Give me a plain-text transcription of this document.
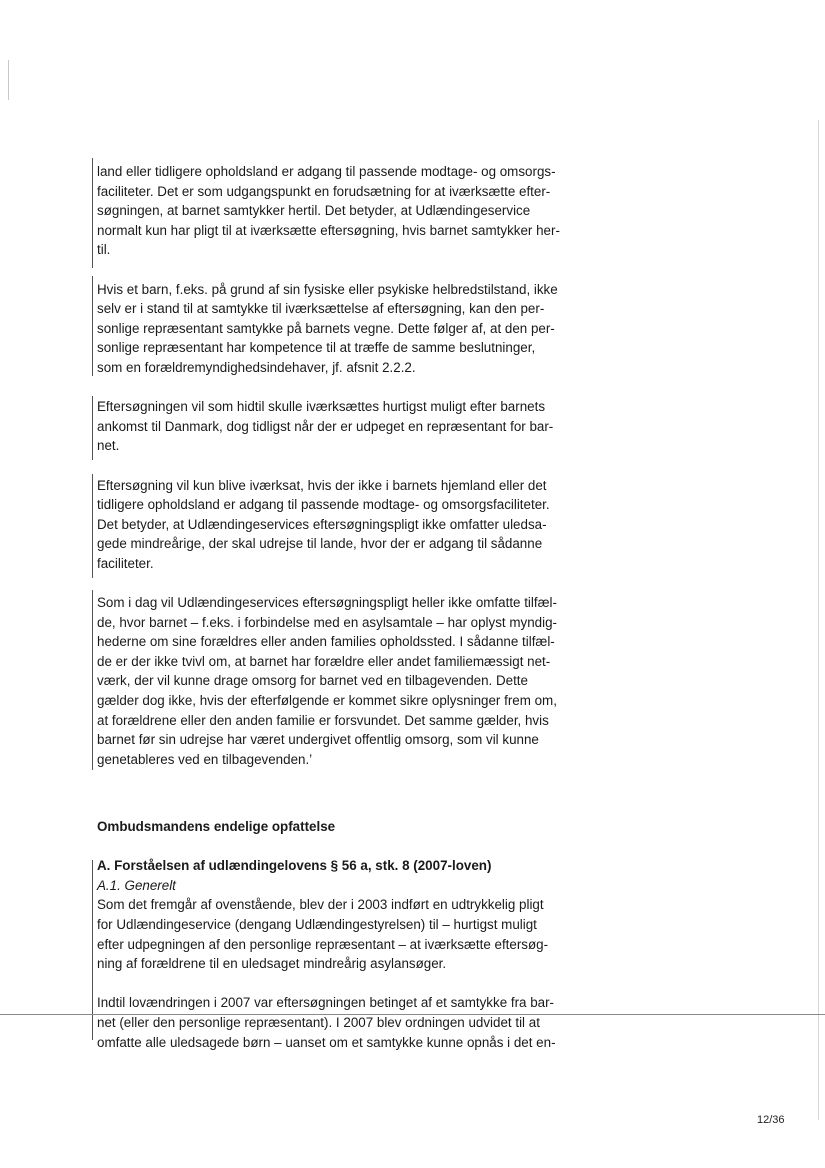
land eller tidligere opholdsland er adgang til passende modtage- og omsorgs-
faciliteter. Det er som udgangspunkt en forudsætning for at iværksætte efter-
søgningen, at barnet samtykker hertil. Det betyder, at Udlændingeservice
normalt kun har pligt til at iværksætte eftersøgning, hvis barnet samtykker her-
til.

Hvis et barn, f.eks. på grund af sin fysiske eller psykiske helbredstilstand, ikke
selv er i stand til at samtykke til iværksættelse af eftersøgning, kan den per-
sonlige repræsentant samtykke på barnets vegne. Dette følger af, at den per-
sonlige repræsentant har kompetence til at træffe de samme beslutninger,
som en forældremyndighedsindehaver, jf. afsnit 2.2.2.

Eftersøgningen vil som hidtil skulle iværksættes hurtigst muligt efter barnets
ankomst til Danmark, dog tidligst når der er udpeget en repræsentant for bar-
net.

Eftersøgning vil kun blive iværksat, hvis der ikke i barnets hjemland eller det
tidligere opholdsland er adgang til passende modtage- og omsorgsfaciliteter.
Det betyder, at Udlændingeservices eftersøgningspligt ikke omfatter uledsa-
gede mindreårige, der skal udrejse til lande, hvor der er adgang til sådanne
faciliteter.

Som i dag vil Udlændingeservices eftersøgningspligt heller ikke omfatte tilfæl-
de, hvor barnet – f.eks. i forbindelse med en asylsamtale – har oplyst myndig-
hederne om sine forældres eller anden families opholdssted. I sådanne tilfæl-
de er der ikke tvivl om, at barnet har forældre eller andet familiemæssigt net-
værk, der vil kunne drage omsorg for barnet ved en tilbagevenden. Dette
gælder dog ikke, hvis der efterfølgende er kommet sikre oplysninger frem om,
at forældrene eller den anden familie er forsvundet. Det samme gælder, hvis
barnet før sin udrejse har været undergivet offentlig omsorg, som vil kunne
genetableres ved en tilbagevenden.’

Ombudsmandens endelige opfattelse

A. Forståelsen af udlændingelovens § 56 a, stk. 8 (2007-loven)

A.1. Generelt

Som det fremgår af ovenstående, blev der i 2003 indført en udtrykkelig pligt
for Udlændingeservice (dengang Udlændingestyrelsen) til – hurtigst muligt
efter udpegningen af den personlige repræsentant – at iværksætte eftersøg-
ning af forældrene til en uledsaget mindreårig asylansøger.

Indtil lovændringen i 2007 var eftersøgningen betinget af et samtykke fra bar-
net (eller den personlige repræsentant). I 2007 blev ordningen udvidet til at
omfatte alle uledsagede børn – uanset om et samtykke kunne opnås i det en-

12/36
